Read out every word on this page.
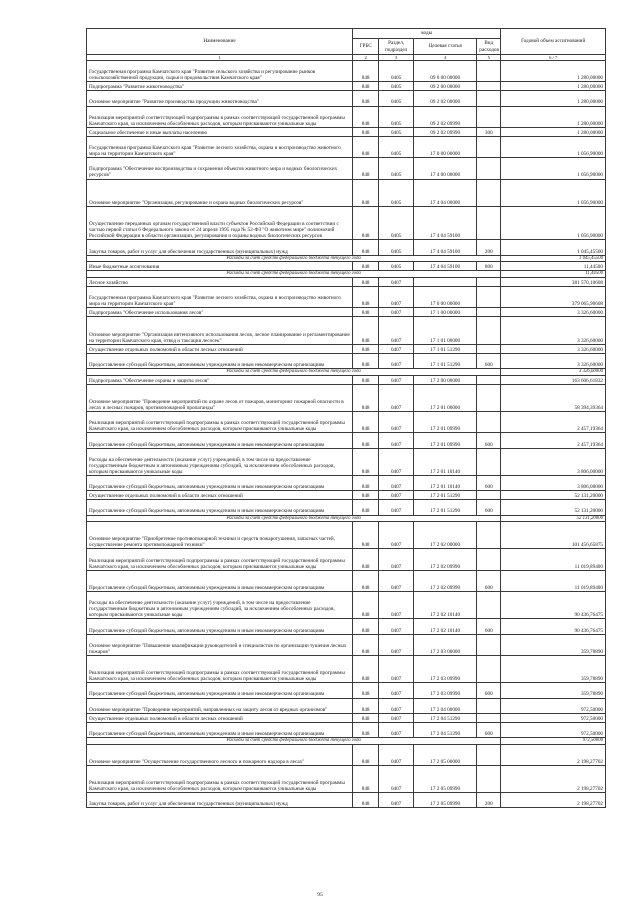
Наименование	коды				Годовой объем ассигнований
	ГРБС	Раздел, подраздел	Целевая статья	Вид расходов	
1	2	3	4	5	6 / 7
Государственная программа Камчатского края "Развитие сельского хозяйства и регулирование рынков сельскохозяйственной продукции, сырья и продовольствия Камчатского края"	848	0405	09 0 00 00000		1 280,00000
Подпрограмма "Развитие животноводства"	848	0405	09 2 00 00000		1 280,00000
Основное мероприятие "Развитие производства продукции животноводства"	848	0405	09 2 02 00000		1 280,00000
Реализация мероприятий соответствующей подпрограммы в рамках соответствующей государственной программы Камчатского края, за исключением обособленных расходов, которым присваиваются уникальные коды	848	0405	09 2 02 09990		1 280,00000
Социальное обеспечение и иные выплаты населению	848	0405	09 2 02 09990	300	1 280,00000
Государственная программа Камчатского края "Развитие лесного хозяйства, охрана и воспроизводство животного мира на территории Камчатского края"	848	0405	17 0 00 00000		1 056,90000
Подпрограмма "Обеспечение воспроизводства и сохранения объектов животного мира и водных биологических ресурсов"	848	0405	17 4 00 00000		1 056,90000
Основное мероприятие "Организация, регулирование и охрана водных биологических ресурсов"	848	0405	17 4 04 00000		1 056,90000
Осуществление переданных органам государственной власти субъектов Российской Федерации в соответствии с частью первой статьи 6 Федерального закона от 24 апреля 1995 года № 52-ФЗ "О животном мире" полномочий Российской Федерации в области организации, регулирования и охраны водных биологических ресурсов	848	0405	17 4 04 59100		1 056,90000
Закупка товаров, работ и услуг для обеспечения государственных (муниципальных) нужд	848	0405	17 4 04 59100	200	1 045,45500
Расходы за счет средств федерального бюджета текущего года					1 045,45500
Иные бюджетные ассигнования	848	0405	17 4 04 59100	800	11,44500
Расходы за счет средств федерального бюджета текущего года					11,44500
Лесное хозяйство	848	0407			381 570,10608
Государственная программа Камчатского края "Развитие лесного хозяйства, охрана и воспроизводство животного мира на территории Камчатского края"	848	0407	17 0 00 00000		379 065,90608
Подпрограмма "Обеспечение использования лесов"	848	0407	17 1 00 00000		3 326,60000
Основное мероприятие "Организация интенсивного использования лесов, лесное планирование и регламентирование на территории Камчатского края, отвод и таксация лесосек"	848	0407	17 1 01 00000		3 326,60000
Осуществление отдельных полномочий в области лесных отношений	848	0407	17 1 01 51290		3 326,60000
Предоставление субсидий бюджетным, автономным учреждениям и иным некоммерческим организациям	848	0407	17 1 01 51290	600	3 326,60000
Расходы за счет средств федерального бюджета текущего года					3 326,60000
Подпрограмма "Обеспечение охраны и защиты лесов"	848	0407	17 2 00 00000		163 606,61832
Основное мероприятие "Проведение мероприятий по охране лесов от пожаров, мониторинг пожарной опасности в лесах и лесных пожаров, противопожарной пропаганды"	848	0407	17 2 01 00000		58 394,39364
Реализация мероприятий соответствующей подпрограммы в рамках соответствующей государственной программы Камчатского края, за исключением обособленных расходов, которым присваиваются уникальные коды	848	0407	17 2 01 09990		2 457,19364
Предоставление субсидий бюджетным, автономным учреждениям и иным некоммерческим организациям	848	0407	17 2 01 09990	600	2 457,19364
Расходы на обеспечение деятельности (оказание услуг) учреждений, в том числе на предоставление государственным бюджетным и автономным учреждениям субсидий, за исключением обособленных расходов, которым присваиваются уникальные коды	848	0407	17 2 01 10140		3 806,00000
Предоставление субсидий бюджетным, автономным учреждениям и иным некоммерческим организациям	848	0407	17 2 01 10140	600	3 806,00000
Осуществление отдельных полномочий в области лесных отношений	848	0407	17 2 01 51290		52 131,20000
Предоставление субсидий бюджетным, автономным учреждениям и иным некоммерческим организациям	848	0407	17 2 01 51290	600	52 131,20000
Расходы за счет средств федерального бюджета текущего года					52 131,20000
Основное мероприятие "Приобретение противопожарной техники и средств пожаротушения, запасных частей, осуществление ремонта противопожарной техники"	848	0407	17 2 02 00000		101 456,65875
Реализация мероприятий соответствующей подпрограммы в рамках соответствующей государственной программы Камчатского края, за исключением обособленных расходов, которым присваиваются уникальные коды	848	0407	17 2 02 09990		11 019,89400
Предоставление субсидий бюджетным, автономным учреждениям и иным некоммерческим организациям	848	0407	17 2 02 09990	600	11 019,89400
Расходы на обеспечение деятельности (оказание услуг) учреждений, в том числе на предоставление государственным бюджетным и автономным учреждениям субсидий, за исключением обособленных расходов, которым присваиваются уникальные коды	848	0407	17 2 02 10140		90 436,76475
Предоставление субсидий бюджетным, автономным учреждениям и иным некоммерческим организациям	848	0407	17 2 02 10140	600	90 436,76475
Основное мероприятие "Повышение квалификации руководителей и специалистов по организации тушения лесных пожаров"	848	0407	17 2 03 00000		359,78890
Реализация мероприятий соответствующей подпрограммы в рамках соответствующей государственной программы Камчатского края, за исключением обособленных расходов, которым присваиваются уникальные коды	848	0407	17 2 03 09990		359,78890
Предоставление субсидий бюджетным, автономным учреждениям и иным некоммерческим организациям	848	0407	17 2 03 09990	600	359,78890
Основное мероприятие "Проведение мероприятий, направленных на защиту лесов от вредных организмов"	848	0407	17 2 04 00000		972,50000
Осуществление отдельных полномочий в области лесных отношений	848	0407	17 2 04 51290		972,50000
Предоставление субсидий бюджетным, автономным учреждениям и иным некоммерческим организациям	848	0407	17 2 04 51290	600	972,50000
Расходы за счет средств федерального бюджета текущего года					972,50000
Основное мероприятие "Осуществление государственного лесного и пожарного надзора в лесах"	848	0407	17 2 05 00000		2 198,27702
Реализация мероприятий соответствующей подпрограммы в рамках соответствующей государственной программы Камчатского края, за исключением обособленных расходов, которым присваиваются уникальные коды	848	0407	17 2 05 09990		2 198,27702
Закупка товаров, работ и услуг для обеспечения государственных (муниципальных) нужд	848	0407	17 2 05 09990	200	2 198,27702
95
